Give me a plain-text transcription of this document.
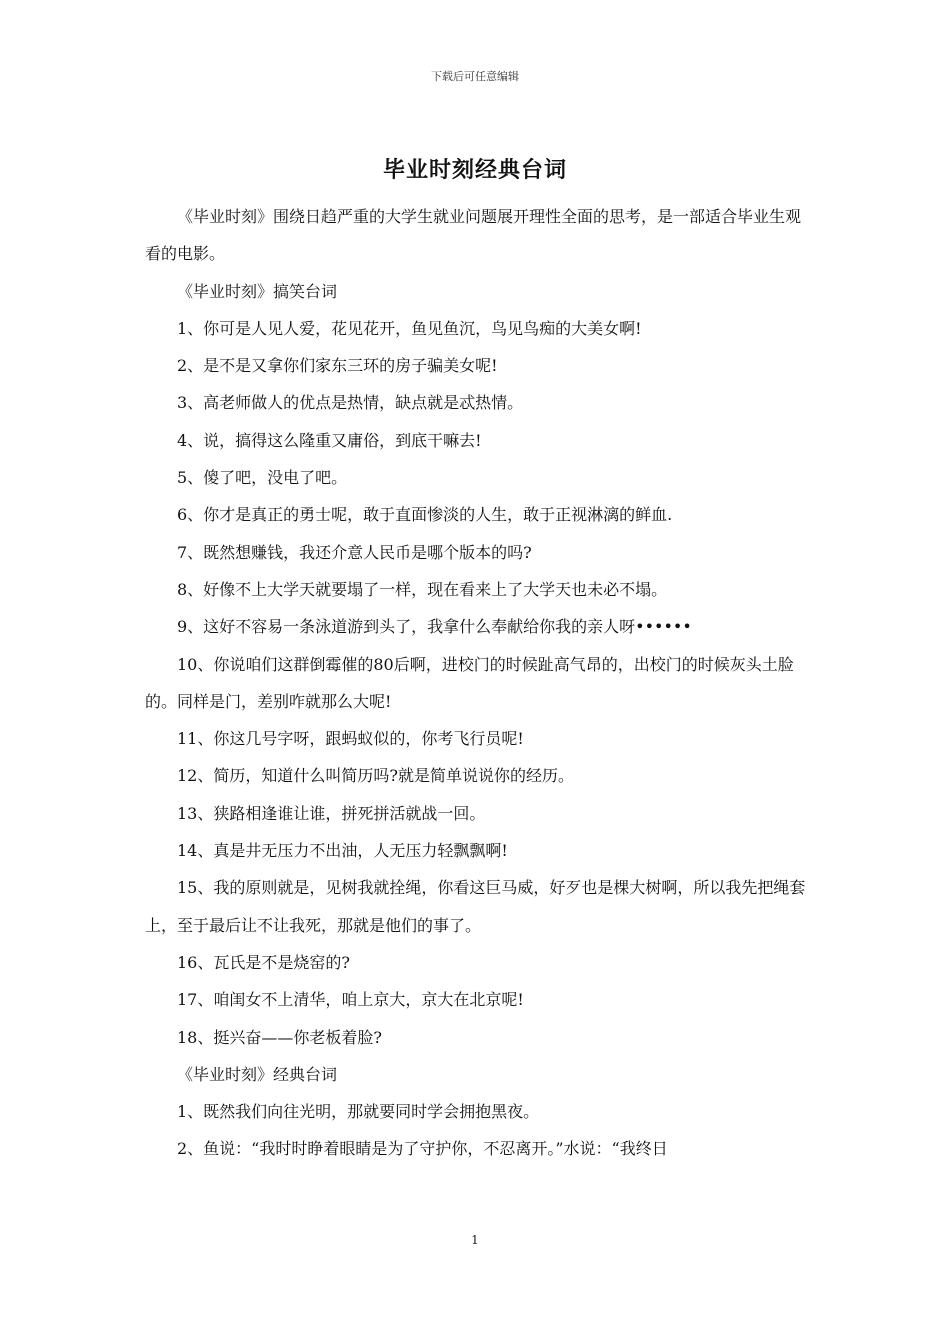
下载后可任意编辑
毕业时刻经典台词

《毕业时刻》围绕日趋严重的大学生就业问题展开理性全面的思考，是一部适合毕业生观看的电影。

《毕业时刻》搞笑台词

1、你可是人见人爱，花见花开，鱼见鱼沉，鸟见鸟痴的大美女啊!

2、是不是又拿你们家东三环的房子骗美女呢!

3、高老师做人的优点是热情，缺点就是忒热情。

4、说，搞得这么隆重又庸俗，到底干嘛去!

5、傻了吧，没电了吧。

6、你才是真正的勇士呢，敢于直面惨淡的人生，敢于正视淋漓的鲜血.

7、既然想赚钱，我还介意人民币是哪个版本的吗?

8、好像不上大学天就要塌了一样，现在看来上了大学天也未必不塌。

9、这好不容易一条泳道游到头了，我拿什么奉献给你我的亲人呀••••••

10、你说咱们这群倒霉催的80后啊，进校门的时候趾高气昂的，出校门的时候灰头土脸的。同样是门，差别咋就那么大呢!

11、你这几号字呀，跟蚂蚁似的，你考飞行员呢!

12、简历，知道什么叫简历吗?就是简单说说你的经历。

13、狭路相逢谁让谁，拼死拼活就战一回。

14、真是井无压力不出油，人无压力轻飘飘啊!

15、我的原则就是，见树我就拴绳，你看这巨马威，好歹也是棵大树啊，所以我先把绳套上，至于最后让不让我死，那就是他们的事了。

16、瓦氏是不是烧窑的?

17、咱闺女不上清华，咱上京大，京大在北京呢!

18、挺兴奋——你老板着脸?

《毕业时刻》经典台词

1、既然我们向往光明，那就要同时学会拥抱黑夜。

2、鱼说：“我时时睁着眼睛是为了守护你，不忍离开。”水说：“我终日

1
